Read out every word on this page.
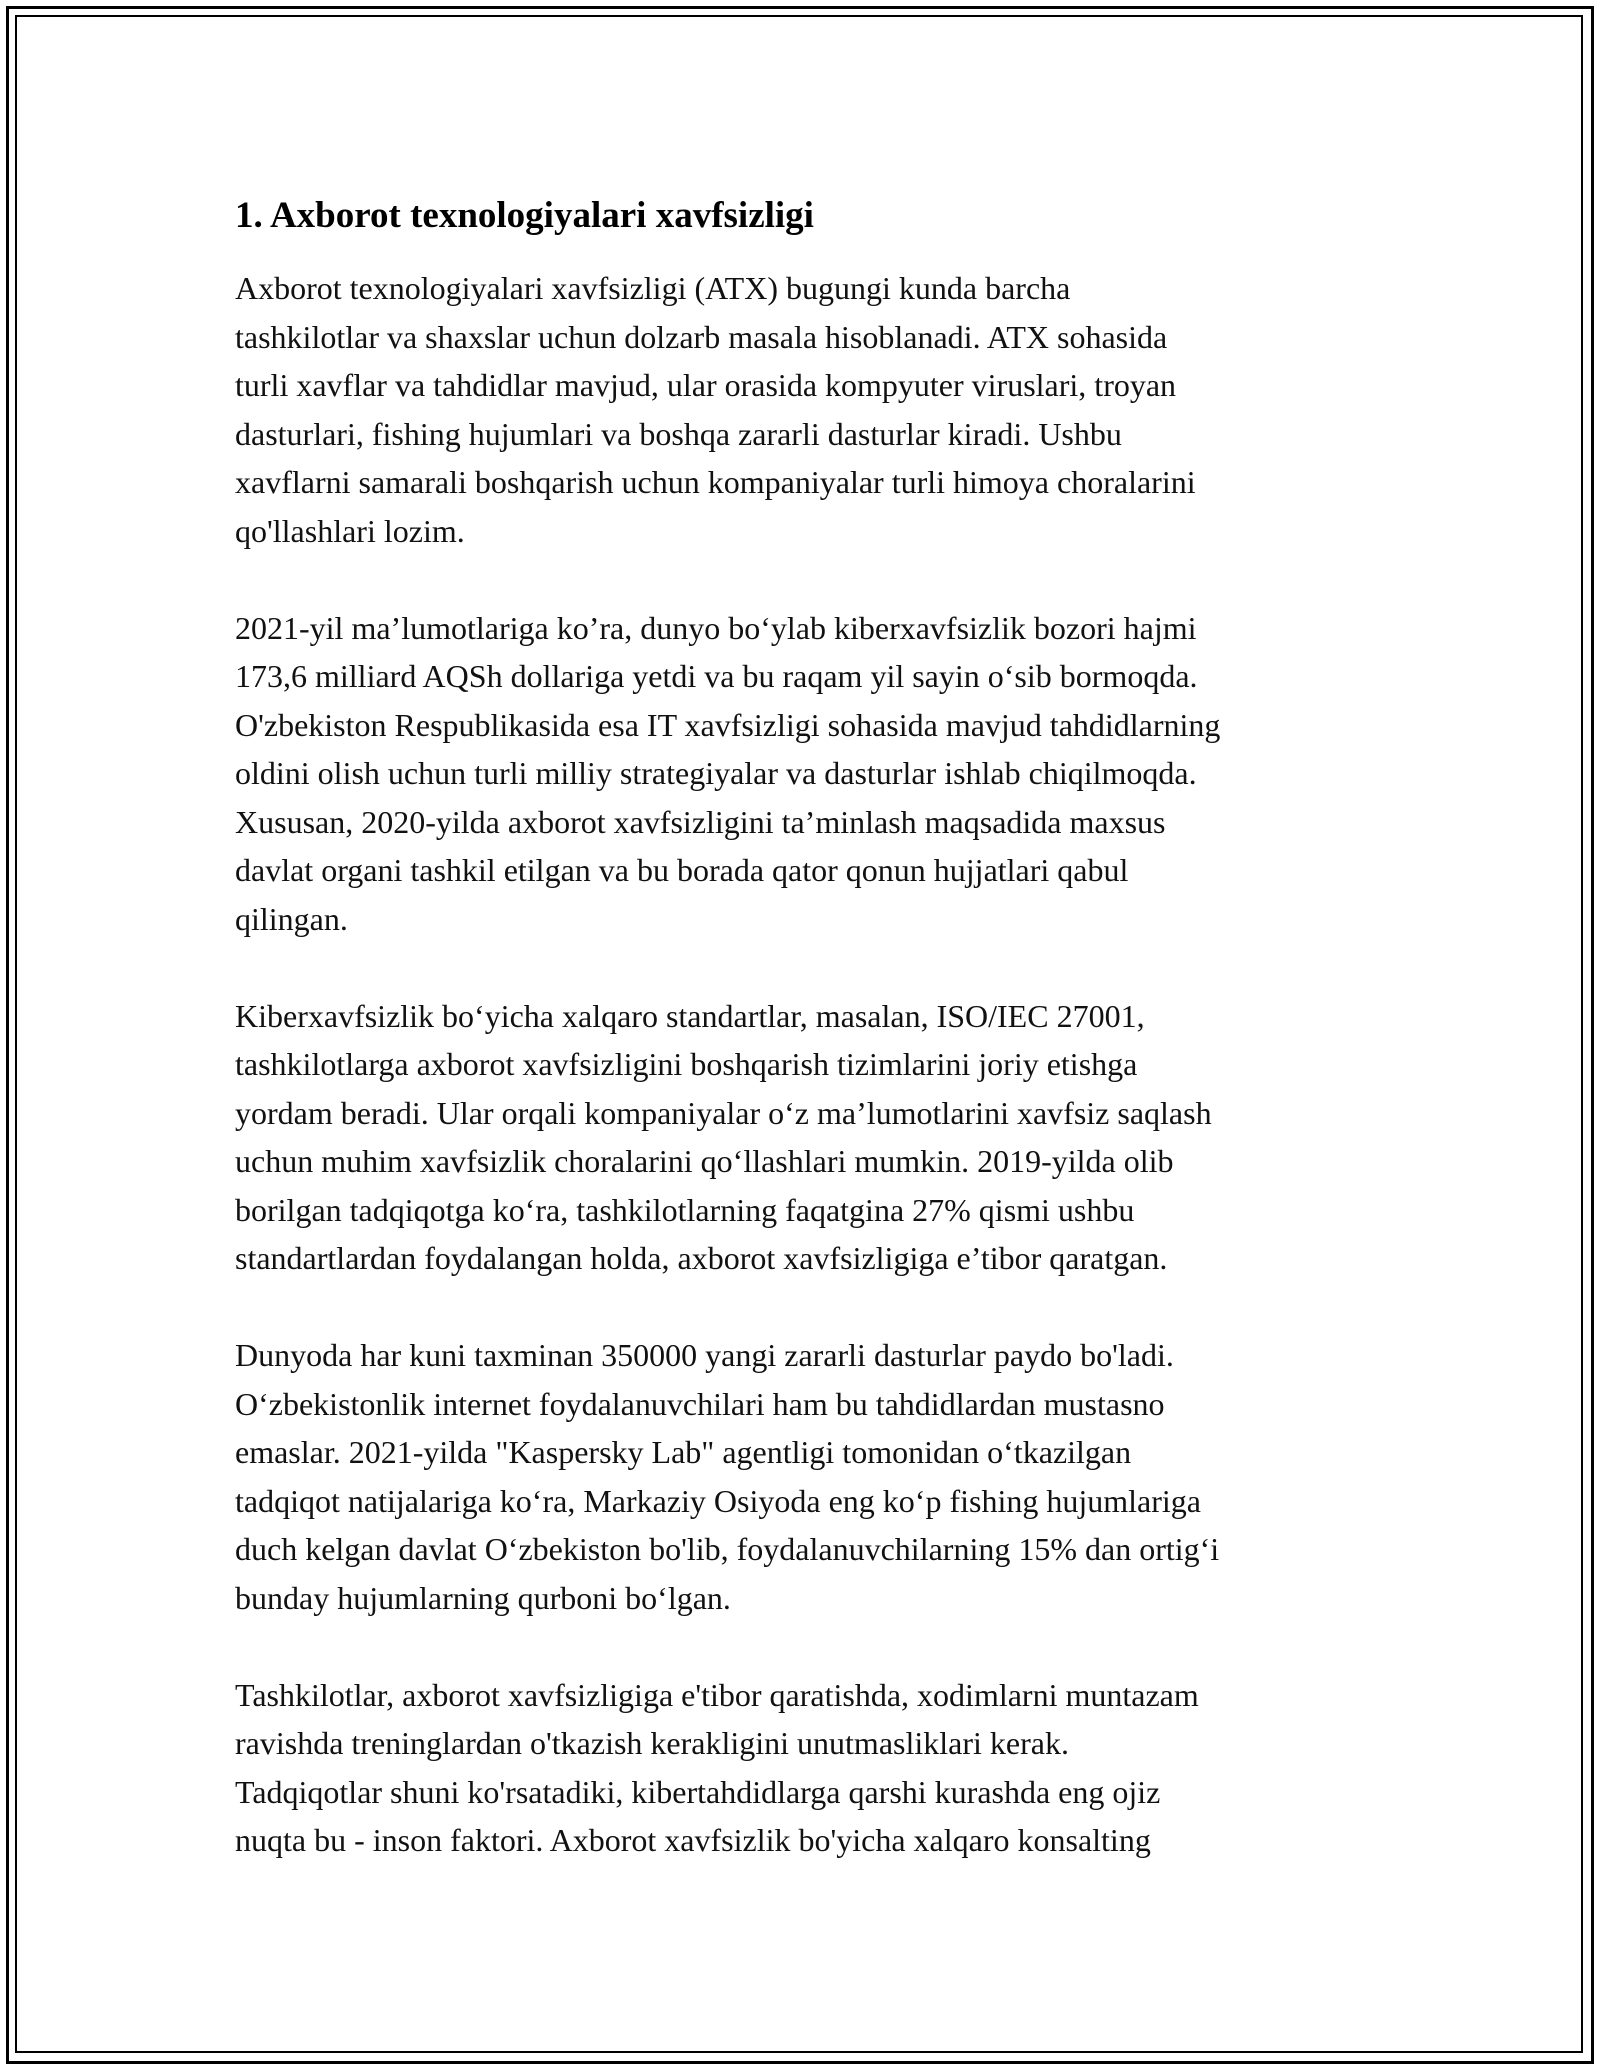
1. Axborot texnologiyalari xavfsizligi

Axborot texnologiyalari xavfsizligi (ATX) bugungi kunda barcha
tashkilotlar va shaxslar uchun dolzarb masala hisoblanadi. ATX sohasida
turli xavflar va tahdidlar mavjud, ular orasida kompyuter viruslari, troyan
dasturlari, fishing hujumlari va boshqa zararli dasturlar kiradi. Ushbu
xavflarni samarali boshqarish uchun kompaniyalar turli himoya choralarini
qo'llashlari lozim.

2021-yil ma’lumotlariga ko’ra, dunyo bo‘ylab kiberxavfsizlik bozori hajmi
173,6 milliard AQSh dollariga yetdi va bu raqam yil sayin o‘sib bormoqda.
O'zbekiston Respublikasida esa IT xavfsizligi sohasida mavjud tahdidlarning
oldini olish uchun turli milliy strategiyalar va dasturlar ishlab chiqilmoqda.
Xususan, 2020-yilda axborot xavfsizligini ta’minlash maqsadida maxsus
davlat organi tashkil etilgan va bu borada qator qonun hujjatlari qabul
qilingan.

Kiberxavfsizlik bo‘yicha xalqaro standartlar, masalan, ISO/IEC 27001,
tashkilotlarga axborot xavfsizligini boshqarish tizimlarini joriy etishga
yordam beradi. Ular orqali kompaniyalar o‘z ma’lumotlarini xavfsiz saqlash
uchun muhim xavfsizlik choralarini qo‘llashlari mumkin. 2019-yilda olib
borilgan tadqiqotga ko‘ra, tashkilotlarning faqatgina 27% qismi ushbu
standartlardan foydalangan holda, axborot xavfsizligiga e’tibor qaratgan.

Dunyoda har kuni taxminan 350000 yangi zararli dasturlar paydo bo'ladi.
O‘zbekistonlik internet foydalanuvchilari ham bu tahdidlardan mustasno
emaslar. 2021-yilda "Kaspersky Lab" agentligi tomonidan o‘tkazilgan
tadqiqot natijalariga ko‘ra, Markaziy Osiyoda eng ko‘p fishing hujumlariga
duch kelgan davlat O‘zbekiston bo'lib, foydalanuvchilarning 15% dan ortig‘i
bunday hujumlarning qurboni bo‘lgan.

Tashkilotlar, axborot xavfsizligiga e'tibor qaratishda, xodimlarni muntazam
ravishda treninglardan o'tkazish kerakligini unutmasliklari kerak.
Tadqiqotlar shuni ko'rsatadiki, kibertahdidlarga qarshi kurashda eng ojiz
nuqta bu - inson faktori. Axborot xavfsizlik bo'yicha xalqaro konsalting
